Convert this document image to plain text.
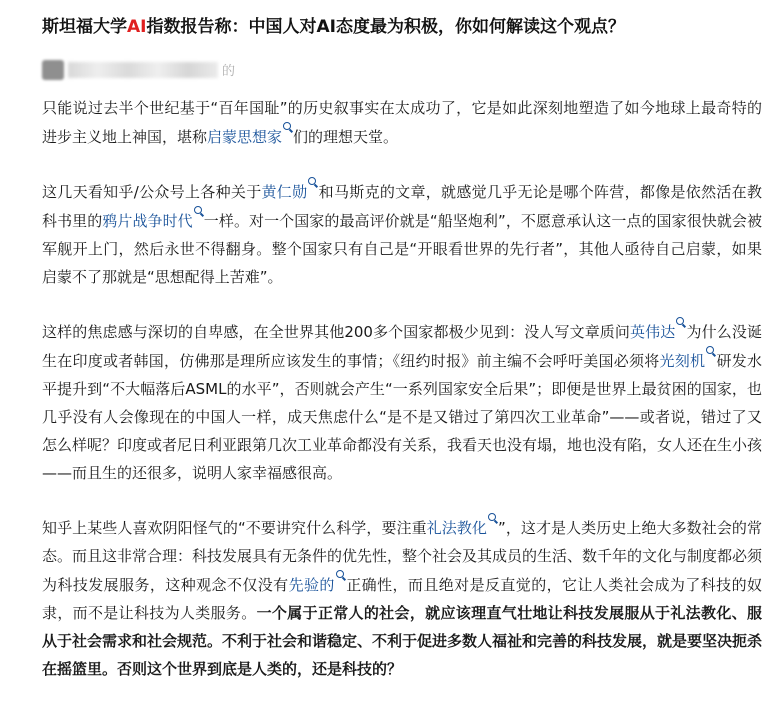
斯坦福大学AI指数报告称：中国人对AI态度最为积极，你如何解读这个观点？
的

只能说过去半个世纪基于“百年国耻”的历史叙事实在太成功了，它是如此深刻地塑造了如今地球上最奇特的进步主义地上神国，堪称启蒙思想家 们的理想天堂。

这几天看知乎/公众号上各种关于黄仁勋 和马斯克的文章，就感觉几乎无论是哪个阵营，都像是依然活在教科书里的鸦片战争时代 一样。对一个国家的最高评价就是“船坚炮利”，不愿意承认这一点的国家很快就会被军舰开上门，然后永世不得翻身。整个国家只有自己是“开眼看世界的先行者”，其他人亟待自己启蒙，如果启蒙不了那就是“思想配得上苦难”。

这样的焦虑感与深切的自卑感，在全世界其他200多个国家都极少见到：没人写文章质问英伟达 为什么没诞生在印度或者韩国，仿佛那是理所应该发生的事情；《纽约时报》前主编不会呼吁美国必须将光刻机 研发水平提升到“不大幅落后ASML的水平”，否则就会产生“一系列国家安全后果”；即便是世界上最贫困的国家，也几乎没有人会像现在的中国人一样，成天焦虑什么“是不是又错过了第四次工业革命”——或者说，错过了又怎么样呢？印度或者尼日利亚跟第几次工业革命都没有关系，我看天也没有塌，地也没有陷，女人还在生小孩——而且生的还很多，说明人家幸福感很高。

知乎上某些人喜欢阴阳怪气的“不要讲究什么科学，要注重礼法教化 ”，这才是人类历史上绝大多数社会的常态。而且这非常合理：科技发展具有无条件的优先性，整个社会及其成员的生活、数千年的文化与制度都必须为科技发展服务，这种观念不仅没有先验的 正确性，而且绝对是反直觉的，它让人类社会成为了科技的奴隶，而不是让科技为人类服务。一个属于正常人的社会，就应该理直气壮地让科技发展服从于礼法教化、服从于社会需求和社会规范。不利于社会和谐稳定、不利于促进多数人福祉和完善的科技发展，就是要坚决扼杀在摇篮里。否则这个世界到底是人类的，还是科技的？
